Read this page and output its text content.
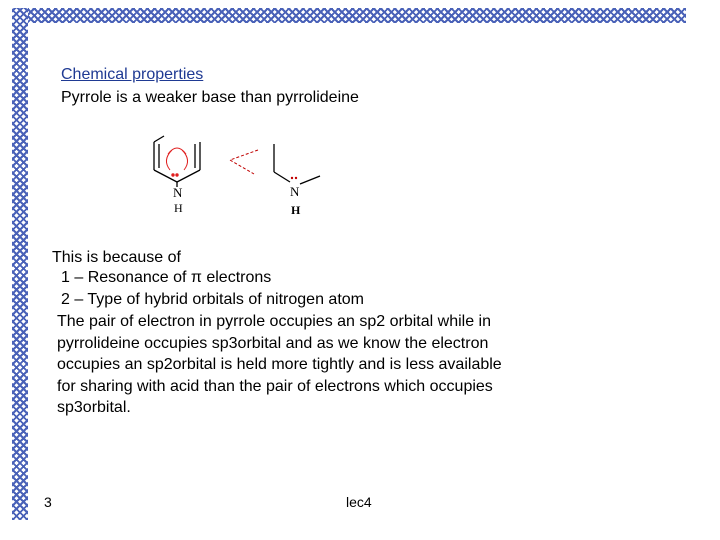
Chemical properties
Pyrrole is a weaker base than pyrrolideine
N
H
N
H
This is because of
1 – Resonance of π electrons
2 – Type of hybrid orbitals of nitrogen atom
The pair of electron in pyrrole occupies an sp2 orbital while in
pyrrolideine occupies sp3orbital and as we know the electron
occupies an sp2orbital is held more tightly and is less available
for sharing with acid than the pair of electrons which occupies
sp3orbital.
3	lec4
